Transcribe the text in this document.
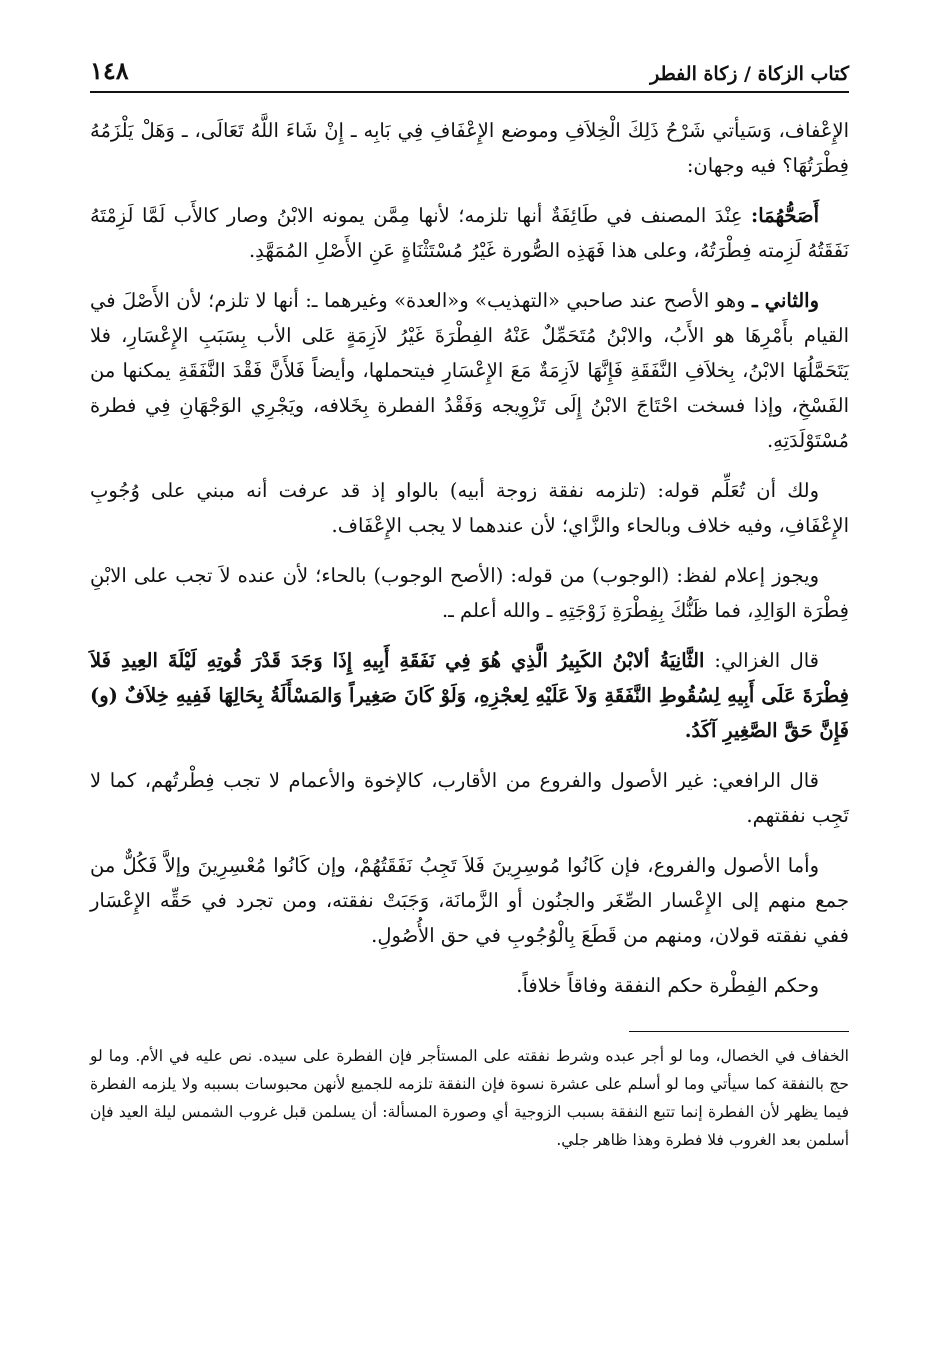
كتاب الزكاة / زكاة الفطر
١٤٨

الإِعْفاف، وَسَيأتي شَرْحُ ذَلِكَ الْخِلاَفِ وموضع الإِعْفَافِ فِي بَابِه ـ إِنْ شَاءَ اللَّهُ تَعَالَى، ـ وَهَلْ يَلْزَمُهُ فِطْرَتُهَا؟ فيه وجهان:

أَصَحُّهُمَا: عِنْدَ المصنف في طَائِفَةٌ أنها تلزمه؛ لأنها مِمَّن يمونه الابْنُ وصار كالأَب لَمَّا لَزِمْتَهُ نَفَقَتُهُ لَزِمته فِطْرَتُهُ، وعلى هذا فَهَذِه الصُّورة غَيْرُ مُسْتَثْنَاةٍ عَنِ الأَصْلِ المُمَهَّدِ.

والثاني ـ وهو الأصح عند صاحبي «التهذيب» و«العدة» وغيرهما ـ: أنها لا تلزم؛ لأن الأَصْلَ في القيام بأَمْرِهَا هو الأَبُ، والابْنُ مُتَحَمِّلٌ عَنْهُ الفِطْرَةَ غَيْرُ لاَزِمَةٍ عَلى الأب بِسَبَبِ الإِعْسَارِ، فلا يَتَحَمَّلُهَا الابْنُ، بِخلاَفِ النَّفَقَةِ فَإِنَّهَا لاَزِمَةٌ مَعَ الإِعْسَارِ فيتحملها، وأيضاً فَلأَنَّ فَقْدَ النَّفَقَةِ يمكنها من الفَسْخِ، وإذا فسخت احْتَاجَ الابْنُ إِلَى تَزْوِيجه وَفَقْدُ الفطرة بِخَلافه، ويَجْرِي الوَجْهَانِ فِي فطرة مُسْتَوْلَدَتِهِ.

ولك أن تُعَلِّم قوله: (تلزمه نفقة زوجة أبيه) بالواو إذ قد عرفت أنه مبني على وُجُوبِ الإِعْفَافِ، وفيه خلاف وبالحاء والزَّاي؛ لأن عندهما لا يجب الإِعْفَاف.

ويجوز إعلام لفظ: (الوجوب) من قوله: (الأصح الوجوب) بالحاء؛ لأن عنده لاَ تجب على الابْنِ فِطْرَة الوَالِدِ، فما ظَنُّكَ بِفِطْرَةِ زَوْجَتِهِ ـ والله أعلم ـ.

قال الغزالي: الثَّانِيَةُ ألابْنُ الكَبِيرُ الَّذِي هُوَ فِي نَفَقَةِ أَبِيهِ إِذَا وَجَدَ قَدْرَ قُوتِهِ لَيْلَةَ العِيدِ فَلاَ فِطْرَةَ عَلَى أَبِيهِ لِسُقُوطِ النَّفَقَةِ وَلاَ عَلَيْهِ لِعجْزِهِ، وَلَوْ كَانَ صَغِيراً وَالمَسْأَلَةُ بِحَالِهَا فَفِيهِ خِلاَفٌ (و) فَإِنَّ حَقَّ الصَّغِيرِ آكَدُ.

قال الرافعي: غير الأصول والفروع من الأقارب، كالإخوة والأعمام لا تجب فِطْرتُهم، كما لا تَجِب نفقتهم.

وأما الأصول والفروع، فإن كَانُوا مُوسِرِينَ فَلاَ تَجِبُ نَفَقَتُهُمْ، وإن كَانُوا مُعْسِرِينَ وإلاَّ فَكُلٌّ من جمع منهم إلى الإِعْسار الصِّغَر والجنُون أو الزَّمانَة، وَجَبَتْ نفقته، ومن تجرد في حَقِّه الإِعْسَار ففي نفقته قولان، ومنهم من قَطَعَ بِالْوُجُوبِ في حق الأُصُولِ.

وحكم الفِطْرة حكم النفقة وفاقاً خلافاً.

الخفاف في الخصال، وما لو أجر عبده وشرط نفقته على المستأجر فإن الفطرة على سيده. نص عليه في الأم. وما لو حج بالنفقة كما سيأتي وما لو أسلم على عشرة نسوة فإن النفقة تلزمه للجميع لأنهن محبوسات بسببه ولا يلزمه الفطرة فيما يظهر لأن الفطرة إنما تتبع النفقة بسبب الزوجية أي وصورة المسألة: أن يسلمن قبل غروب الشمس ليلة العيد فإن أسلمن بعد الغروب فلا فطرة وهذا ظاهر جلي.
